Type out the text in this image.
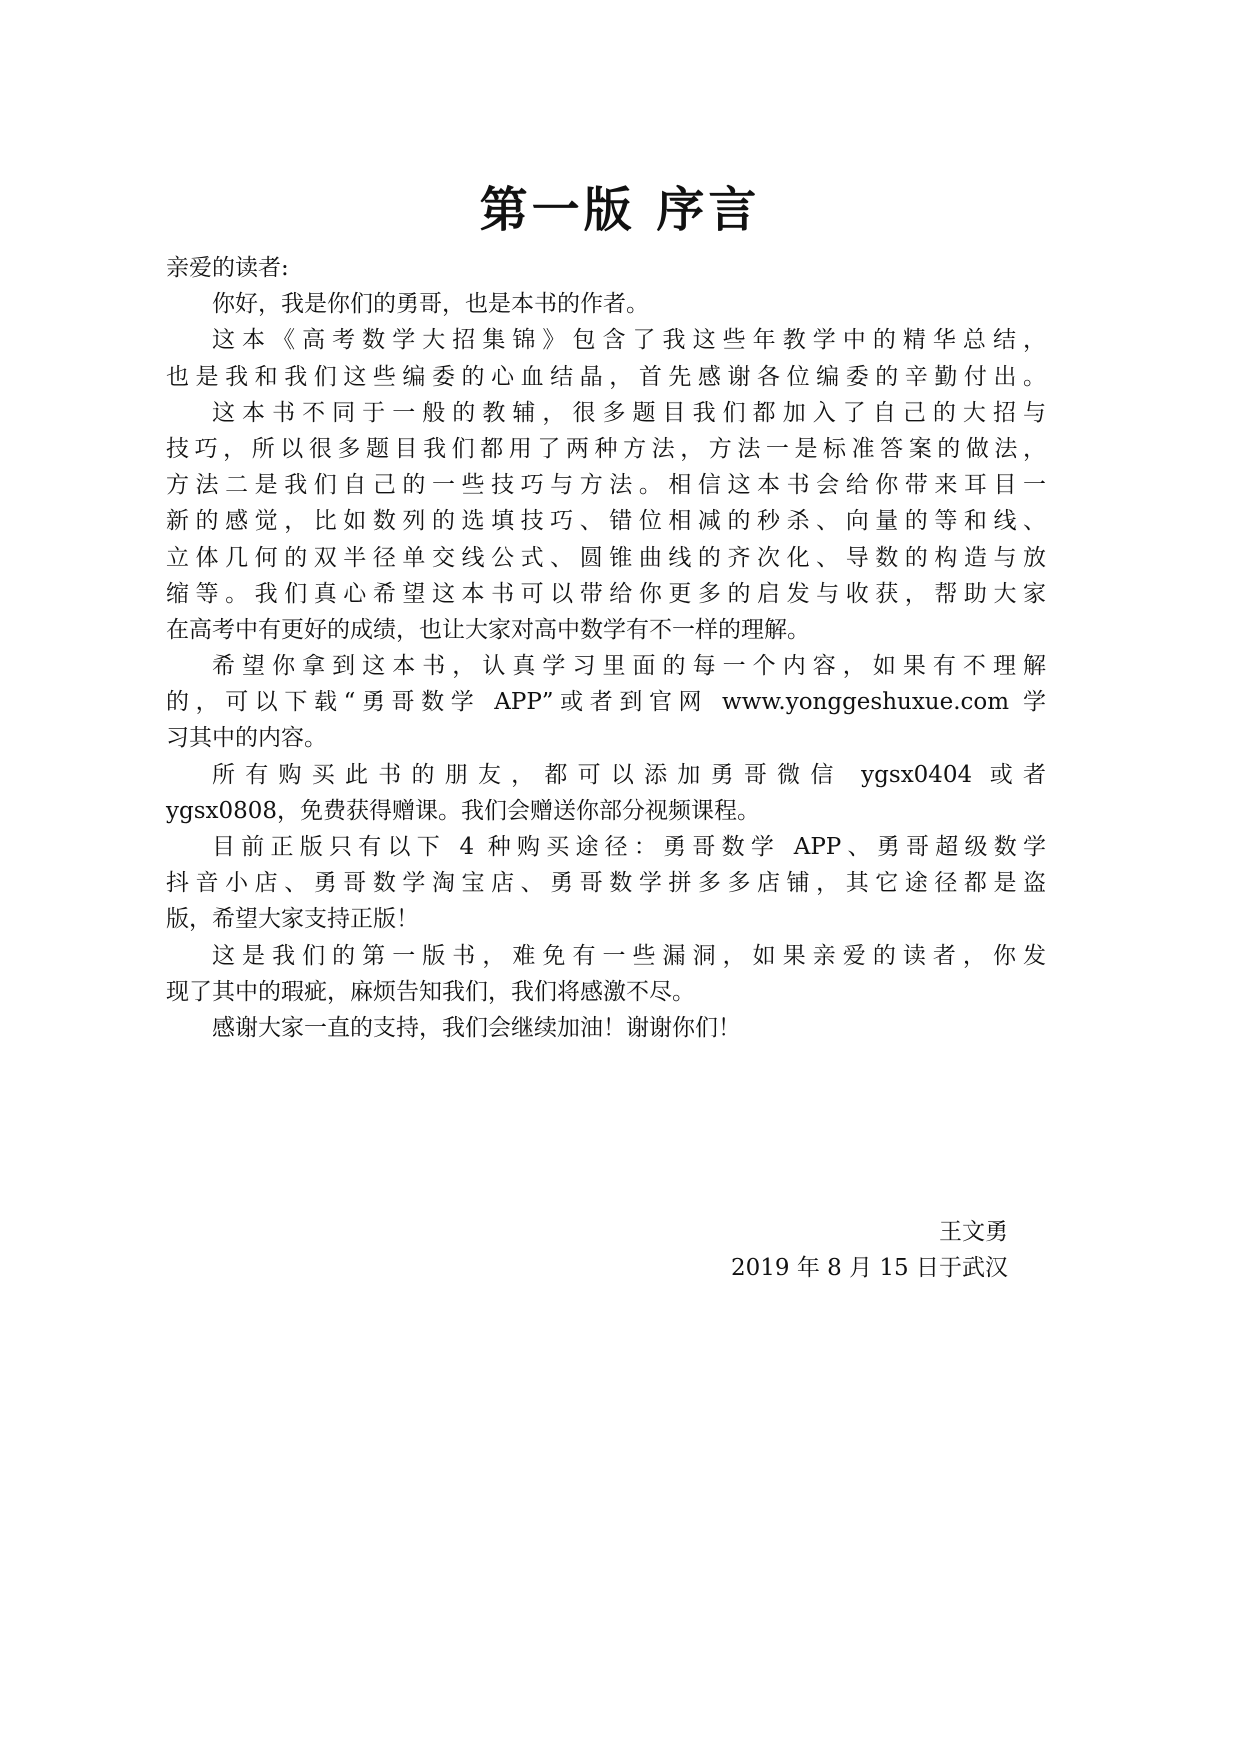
第一版 序言
亲爱的读者:
你好，我是你们的勇哥，也是本书的作者。
这本《高考数学大招集锦》包含了我这些年教学中的精华总结，
也是我和我们这些编委的心血结晶，首先感谢各位编委的辛勤付出。
这本书不同于一般的教辅，很多题目我们都加入了自己的大招与
技巧，所以很多题目我们都用了两种方法，方法一是标准答案的做法，
方法二是我们自己的一些技巧与方法。相信这本书会给你带来耳目一
新的感觉，比如数列的选填技巧、错位相减的秒杀、向量的等和线、
立体几何的双半径单交线公式、圆锥曲线的齐次化、导数的构造与放
缩等。我们真心希望这本书可以带给你更多的启发与收获，帮助大家
在高考中有更好的成绩，也让大家对高中数学有不一样的理解。
希望你拿到这本书，认真学习里面的每一个内容，如果有不理解
的，可以下载“勇哥数学 APP”或者到官网 www.yonggeshuxue.com 学
习其中的内容。
所有购买此书的朋友，都可以添加勇哥微信 ygsx0404 或者
ygsx0808，免费获得赠课。我们会赠送你部分视频课程。
目前正版只有以下 4 种购买途径：勇哥数学 APP、勇哥超级数学
抖音小店、勇哥数学淘宝店、勇哥数学拼多多店铺，其它途径都是盗
版，希望大家支持正版！
这是我们的第一版书，难免有一些漏洞，如果亲爱的读者，你发
现了其中的瑕疵，麻烦告知我们，我们将感激不尽。
感谢大家一直的支持，我们会继续加油！谢谢你们！
王文勇
2019 年 8 月 15 日于武汉
